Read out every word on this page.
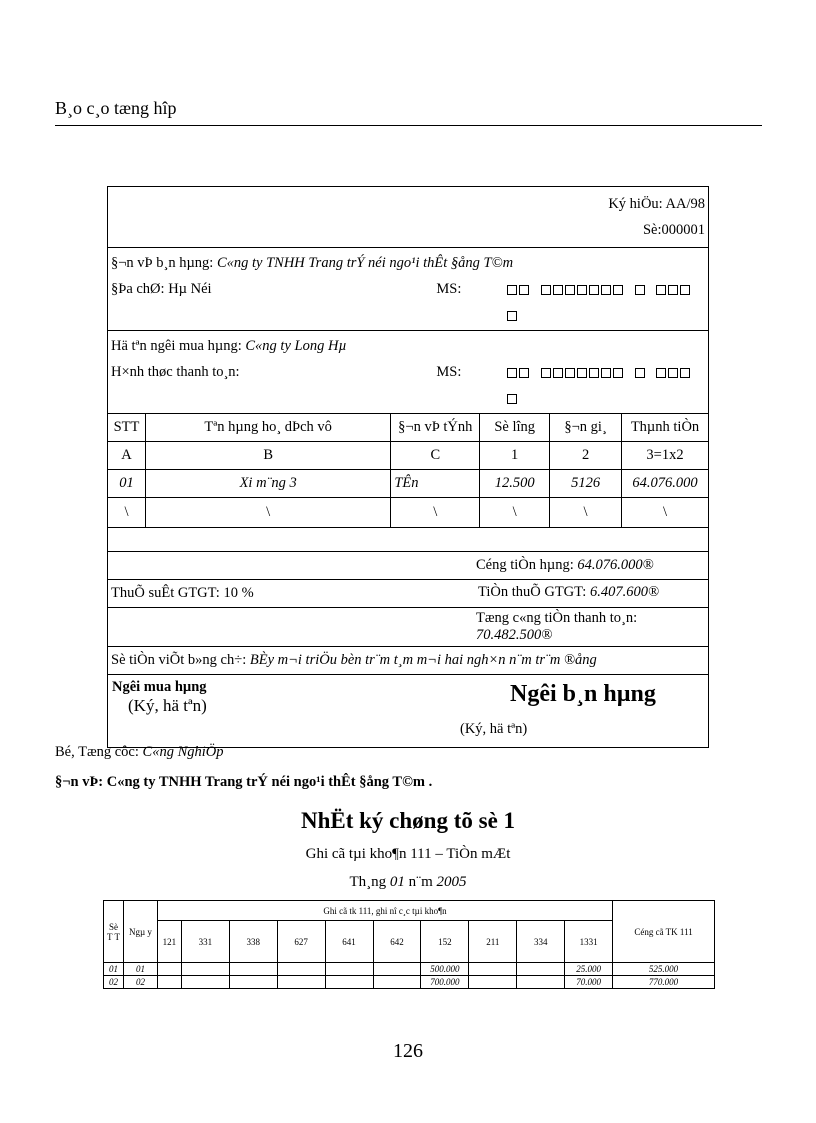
B¸o c¸o tæng hîp
Ký hiÖu: AA/98
Sè:000001					

§¬n vÞ b¸n hµng: C«ng ty TNHH Trang trÝ néi ngo¹i thÊt §ång T©m
§Þa chØ: Hµ Néi MS:					

Hä tªn ngêi mua hµng: C«ng ty Long Hµ
H×nh thøc thanh to¸n: MS:					

STT	Tªn hµng ho¸ dÞch vô	§¬n vÞ tÝnh	Sè lîng	§¬n gi¸	Thµnh tiÒn
A	B	C	1	2	3=1x2
01	Xi m¨ng 3	TÊn	12.500	5126	64.076.000
\	\	\	\	\	\

Céng tiÒn hµng: 64.076.000®					
ThuÕ suÊt GTGT: 10 % TiÒn thuÕ GTGT: 6.407.600®					

Tæng c«ng tiÒn thanh to¸n: 70.482.500®					
Sè tiÒn viÕt b»ng ch÷: BÈy m¬i triÖu bèn tr¨m t¸m m¬i hai ngh×n n¨m tr¨m ®ång					

Ngêi mua hµng
(Ký, hä tªn) Ngêi b¸n hµng
(Ký, hä tªn)					
Bé, Tæng côc: C«ng NghiÖp
§¬n vÞ: C«ng ty TNHH Trang trÝ néi ngo¹i thÊt §ång T©m .
NhËt ký chøng tõ sè 1
Ghi cã tµi kho¶n 111 – TiÒn mÆt
Th¸ng 01 n¨m 2005
Sè T T	Ngµ y	Ghi cã tk 111, ghi nî c¸c tµi kho¶n										Céng cã TK 111
		121	331	338	627	641	642	152	211	334	1331	
01	01							500.000			25.000	525.000
02	02							700.000			70.000	770.000
126
